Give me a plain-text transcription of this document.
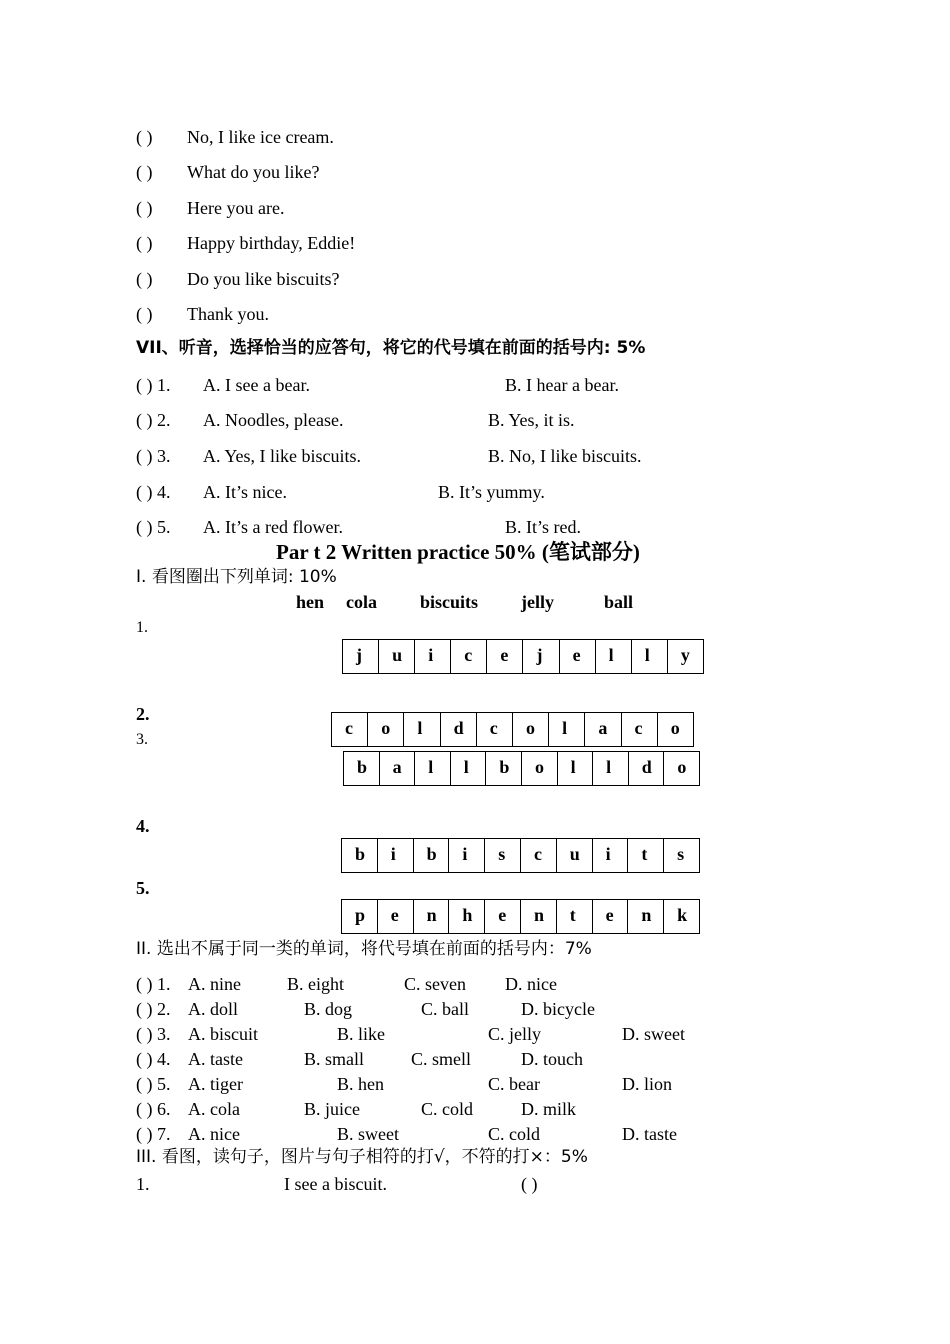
( ) No, I like ice cream.
( ) What do you like?
( ) Here you are.
( ) Happy birthday, Eddie!
( ) Do you like biscuits?
( ) Thank you.
VII、听音，选择恰当的应答句，将它的代号填在前面的括号内: 5%
( ) 1. A. I see a bear.	B. I hear a bear.
( ) 2. A. Noodles, please.	B. Yes, it is.
( ) 3. A. Yes, I like biscuits.	B. No, I like biscuits.
( ) 4. A. It’s nice.	B. It’s yummy.
( ) 5. A. It’s a red flower.	B. It’s red.
Par t 2 Written practice 50% (笔试部分)
I. 看图圈出下列单词: 10%
hen cola biscuits jelly	ball
1.
2.
3.
4.
5.
j	u	i	c	e	j	e	l	l	y
c	o	l	d	c	o	l	a	c	o
b	a	l	l	b	o	l	l	d	o
b	i	b	i	s	c	u	i	t	s
p	e	n	h	e	n	t	e	n	k
II. 选出不属于同一类的单词，将代号填在前面的括号内：7%
( ) 1. A. nine	B. eight	C. seven D. nice
( ) 2. A. doll	B. dog	C. ball	D. bicycle
( ) 3. A. biscuit	B. like	C. jelly	D. sweet
( ) 4. A. taste	B. small	C. smell	D. touch
( ) 5. A. tiger	B. hen	C. bear	D. lion
( ) 6. A. cola	B. juice	C. cold	D. milk
( ) 7. A. nice	B. sweet	C. cold	D. taste
III. 看图，读句子，图片与句子相符的打√，不符的打×：5%
1.	I see a biscuit.	( )
